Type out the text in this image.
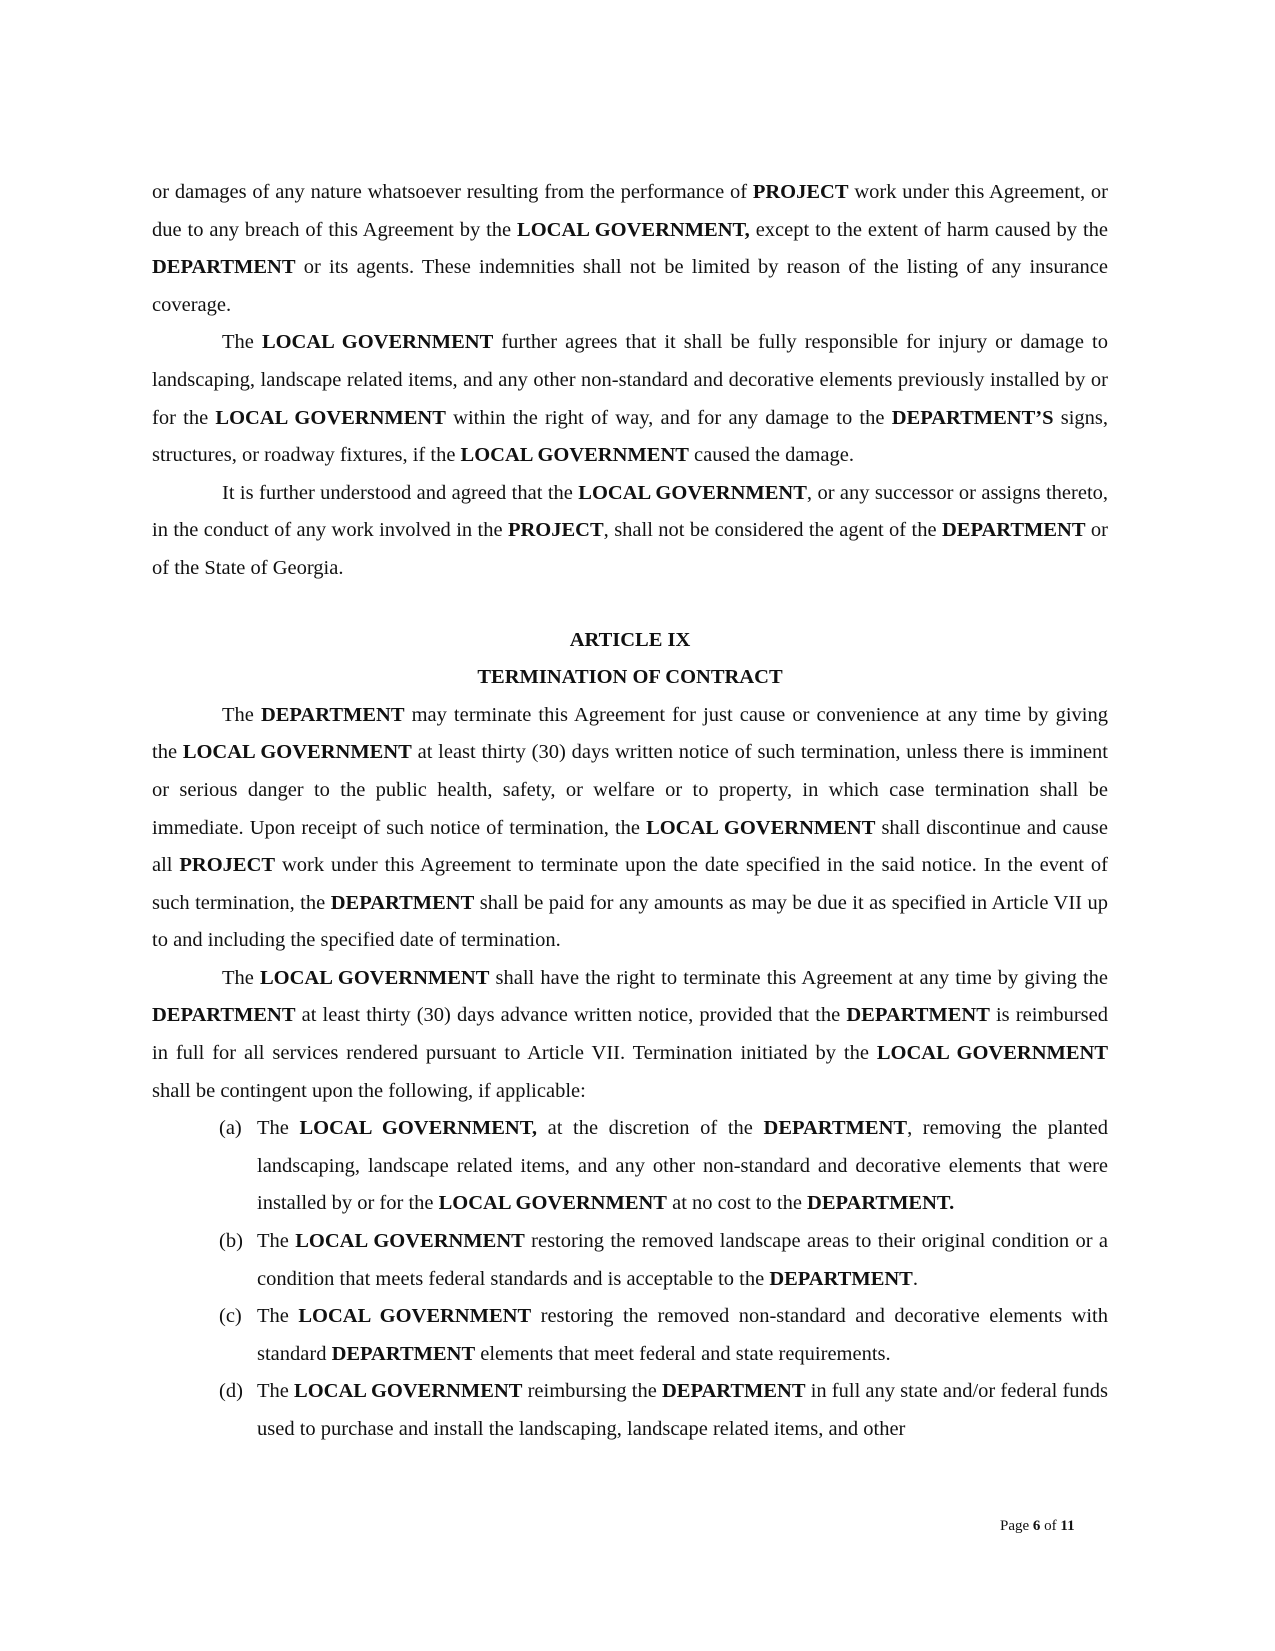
or damages of any nature whatsoever resulting from the performance of PROJECT work under this Agreement, or due to any breach of this Agreement by the LOCAL GOVERNMENT, except to the extent of harm caused by the DEPARTMENT or its agents. These indemnities shall not be limited by reason of the listing of any insurance coverage.

The LOCAL GOVERNMENT further agrees that it shall be fully responsible for injury or damage to landscaping, landscape related items, and any other non-standard and decorative elements previously installed by or for the LOCAL GOVERNMENT within the right of way, and for any damage to the DEPARTMENT’S signs, structures, or roadway fixtures, if the LOCAL GOVERNMENT caused the damage.

It is further understood and agreed that the LOCAL GOVERNMENT, or any successor or assigns thereto, in the conduct of any work involved in the PROJECT, shall not be considered the agent of the DEPARTMENT or of the State of Georgia.

ARTICLE IX

TERMINATION OF CONTRACT

The DEPARTMENT may terminate this Agreement for just cause or convenience at any time by giving the LOCAL GOVERNMENT at least thirty (30) days written notice of such termination, unless there is imminent or serious danger to the public health, safety, or welfare or to property, in which case termination shall be immediate. Upon receipt of such notice of termination, the LOCAL GOVERNMENT shall discontinue and cause all PROJECT work under this Agreement to terminate upon the date specified in the said notice. In the event of such termination, the DEPARTMENT shall be paid for any amounts as may be due it as specified in Article VII up to and including the specified date of termination.

The LOCAL GOVERNMENT shall have the right to terminate this Agreement at any time by giving the DEPARTMENT at least thirty (30) days advance written notice, provided that the DEPARTMENT is reimbursed in full for all services rendered pursuant to Article VII. Termination initiated by the LOCAL GOVERNMENT shall be contingent upon the following, if applicable:

(a) The LOCAL GOVERNMENT, at the discretion of the DEPARTMENT, removing the planted landscaping, landscape related items, and any other non-standard and decorative elements that were installed by or for the LOCAL GOVERNMENT at no cost to the DEPARTMENT.
(b) The LOCAL GOVERNMENT restoring the removed landscape areas to their original condition or a condition that meets federal standards and is acceptable to the DEPARTMENT.
(c) The LOCAL GOVERNMENT restoring the removed non-standard and decorative elements with standard DEPARTMENT elements that meet federal and state requirements.
(d) The LOCAL GOVERNMENT reimbursing the DEPARTMENT in full any state and/or federal funds used to purchase and install the landscaping, landscape related items, and other
Page 6 of 11
